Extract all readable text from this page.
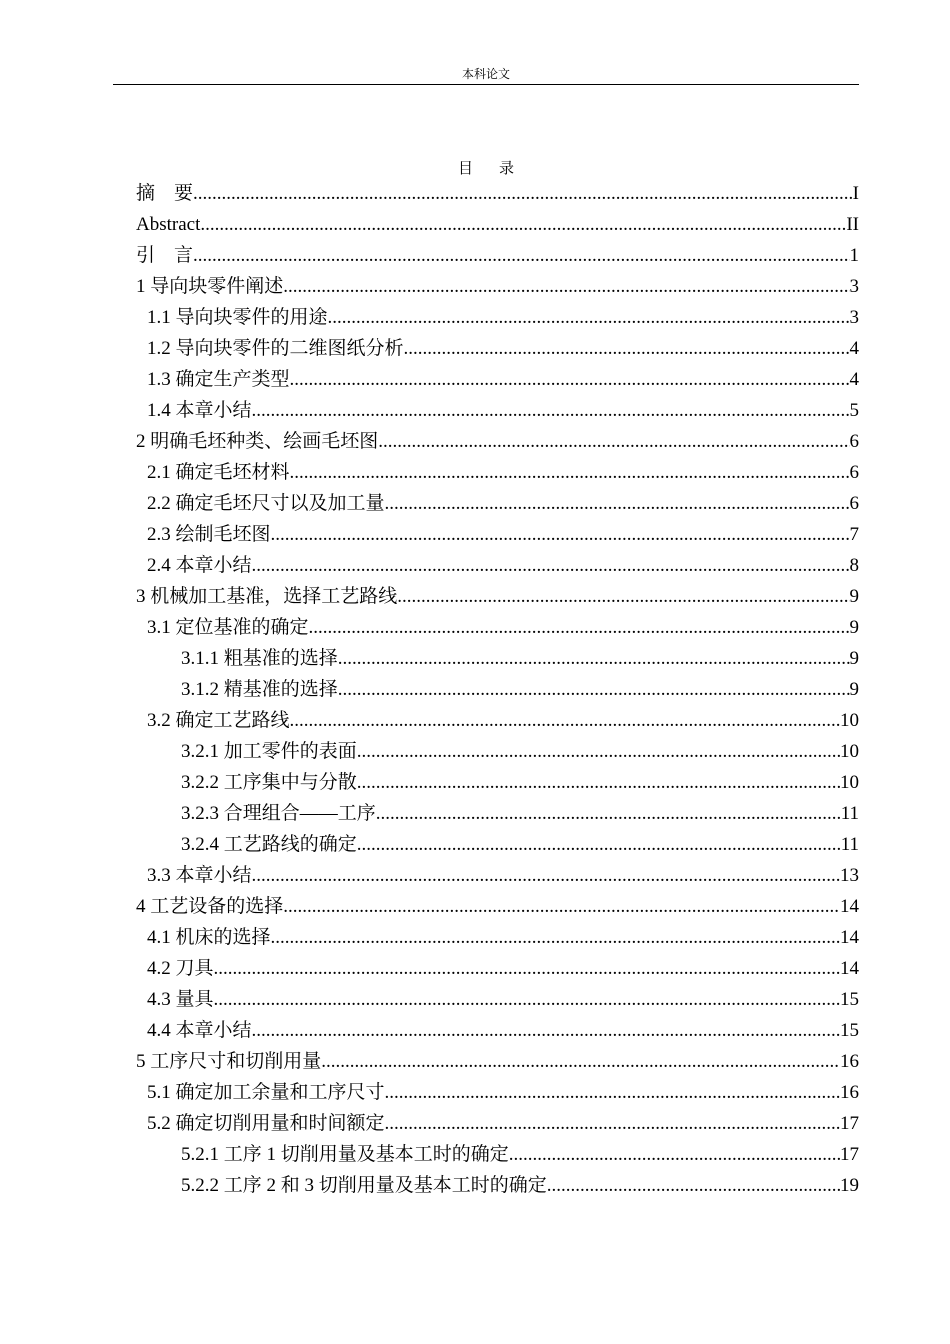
本科论文
目 录
摘　要 .....	I
Abstract .....	II
引　言 .....	1
1 导向块零件阐述 .....	3
1.1 导向块零件的用途 .....	3
1.2 导向块零件的二维图纸分析 .....	4
1.3 确定生产类型 .....	4
1.4 本章小结 .....	5
2 明确毛坯种类、绘画毛坯图 .....	6
2.1 确定毛坯材料 .....	6
2.2 确定毛坯尺寸以及加工量 .....	6
2.3 绘制毛坯图 .....	7
2.4 本章小结 .....	8
3 机械加工基准，选择工艺路线 .....	9
3.1 定位基准的确定 .....	9
3.1.1 粗基准的选择 .....	9
3.1.2 精基准的选择 .....	9
3.2 确定工艺路线 .....	10
3.2.1 加工零件的表面 .....	10
3.2.2 工序集中与分散 .....	10
3.2.3 合理组合——工序 .....	11
3.2.4 工艺路线的确定 .....	11
3.3 本章小结 .....	13
4 工艺设备的选择 .....	14
4.1 机床的选择 .....	14
4.2 刀具 .....	14
4.3 量具 .....	15
4.4 本章小结 .....	15
5 工序尺寸和切削用量 .....	16
5.1 确定加工余量和工序尺寸 .....	16
5.2 确定切削用量和时间额定 .....	17
5.2.1 工序 1 切削用量及基本工时的确定 .....	17
5.2.2 工序 2 和 3 切削用量及基本工时的确定 .....	19
